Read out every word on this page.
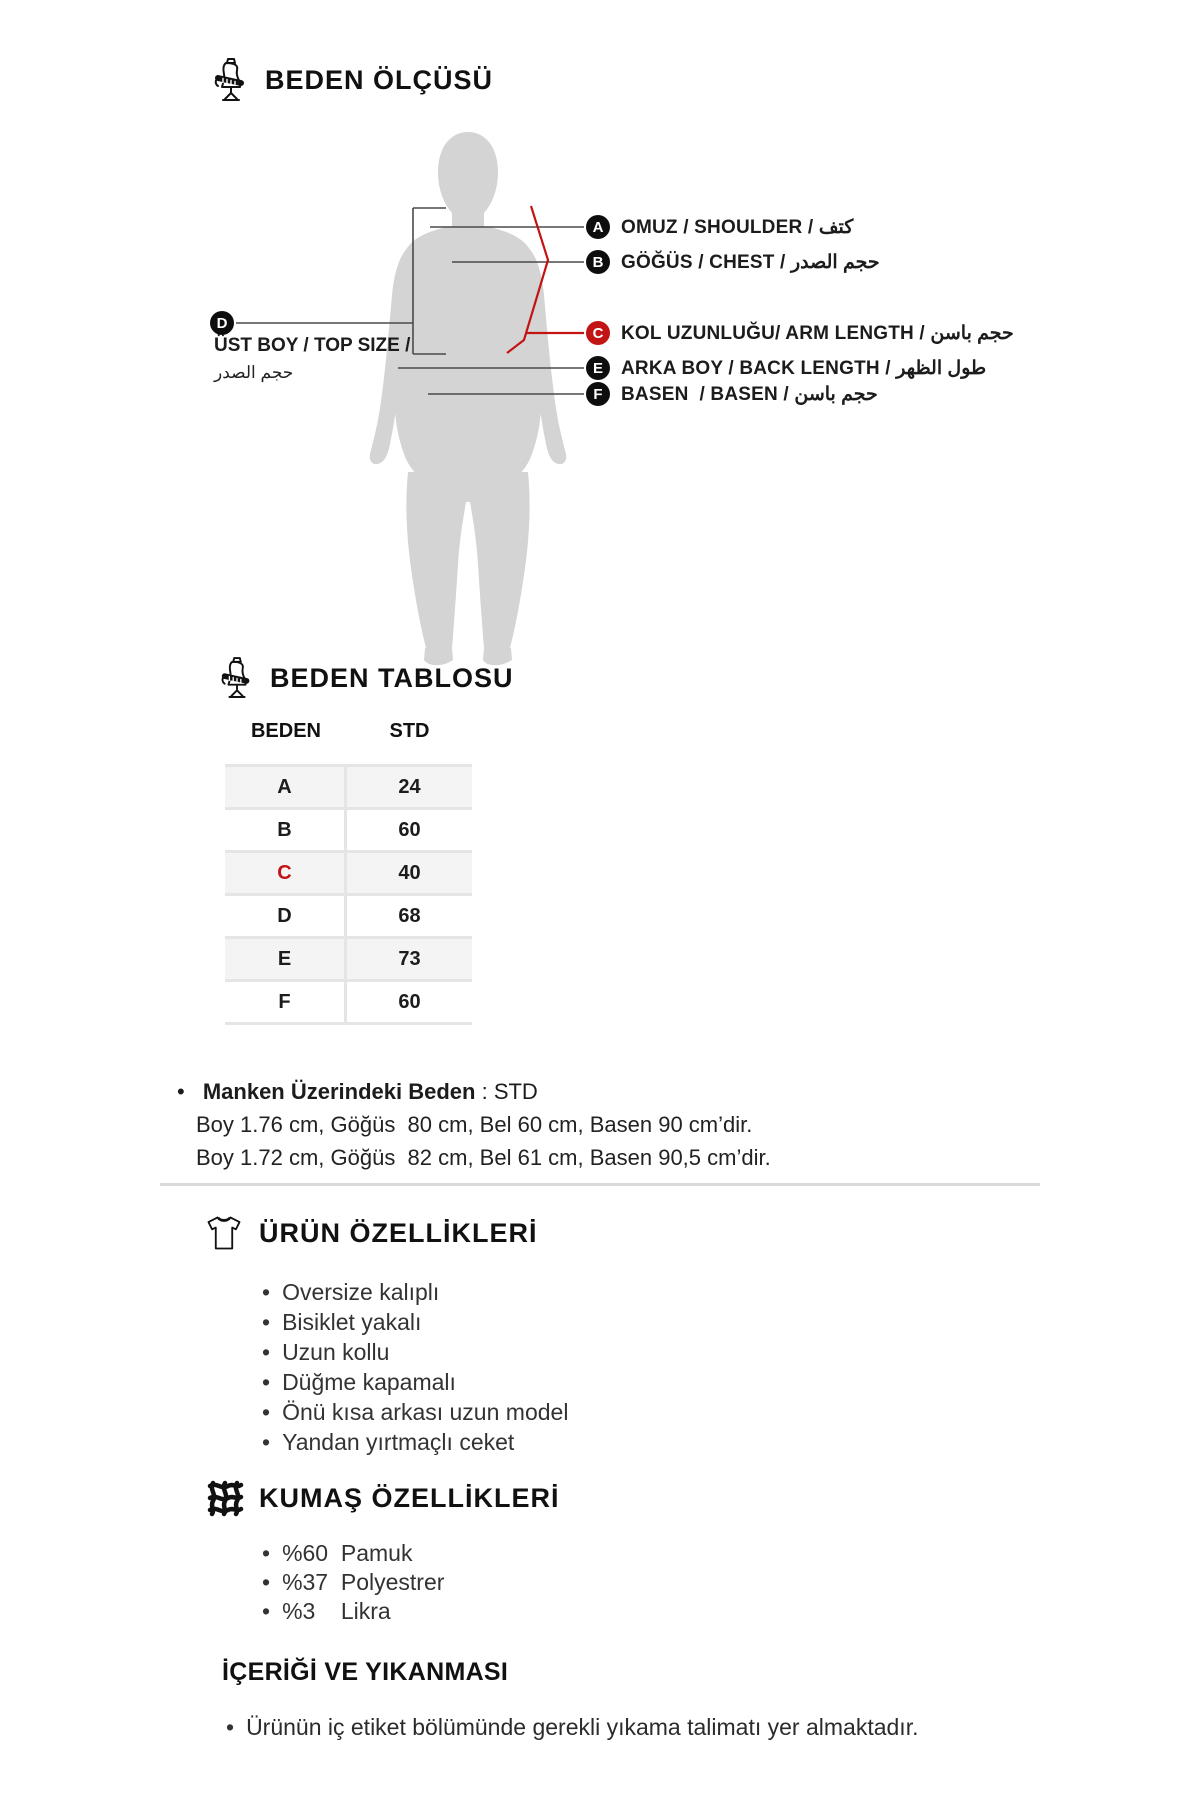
BEDEN ÖLÇÜSÜ
A OMUZ / SHOULDER / كتف
B GÖĞÜS / CHEST / حجم الصدر
C KOL UZUNLUĞU/ ARM LENGTH / حجم باسن
E ARKA BOY / BACK LENGTH / طول الظهر
F BASEN  / BASEN / حجم باسن
D
ÜST BOY / TOP SIZE /
حجم الصدر
BEDEN TABLOSU
BEDEN	STD
A	24
B	60
C	40
D	68
E	73
F	60
• Manken Üzerindeki Beden : STD
Boy 1.76 cm, Göğüs  80 cm, Bel 60 cm, Basen 90 cm’dir.
Boy 1.72 cm, Göğüs  82 cm, Bel 61 cm, Basen 90,5 cm’dir.
ÜRÜN ÖZELLİKLERİ
• Oversize kalıplı
• Bisiklet yakalı
• Uzun kollu
• Düğme kapamalı
• Önü kısa arkası uzun model
• Yandan yırtmaçlı ceket
KUMAŞ ÖZELLİKLERİ
• %60  Pamuk
• %37  Polyestrer
• %3    Likra
İÇERİĞİ VE YIKANMASI
• Ürünün iç etiket bölümünde gerekli yıkama talimatı yer almaktadır.
